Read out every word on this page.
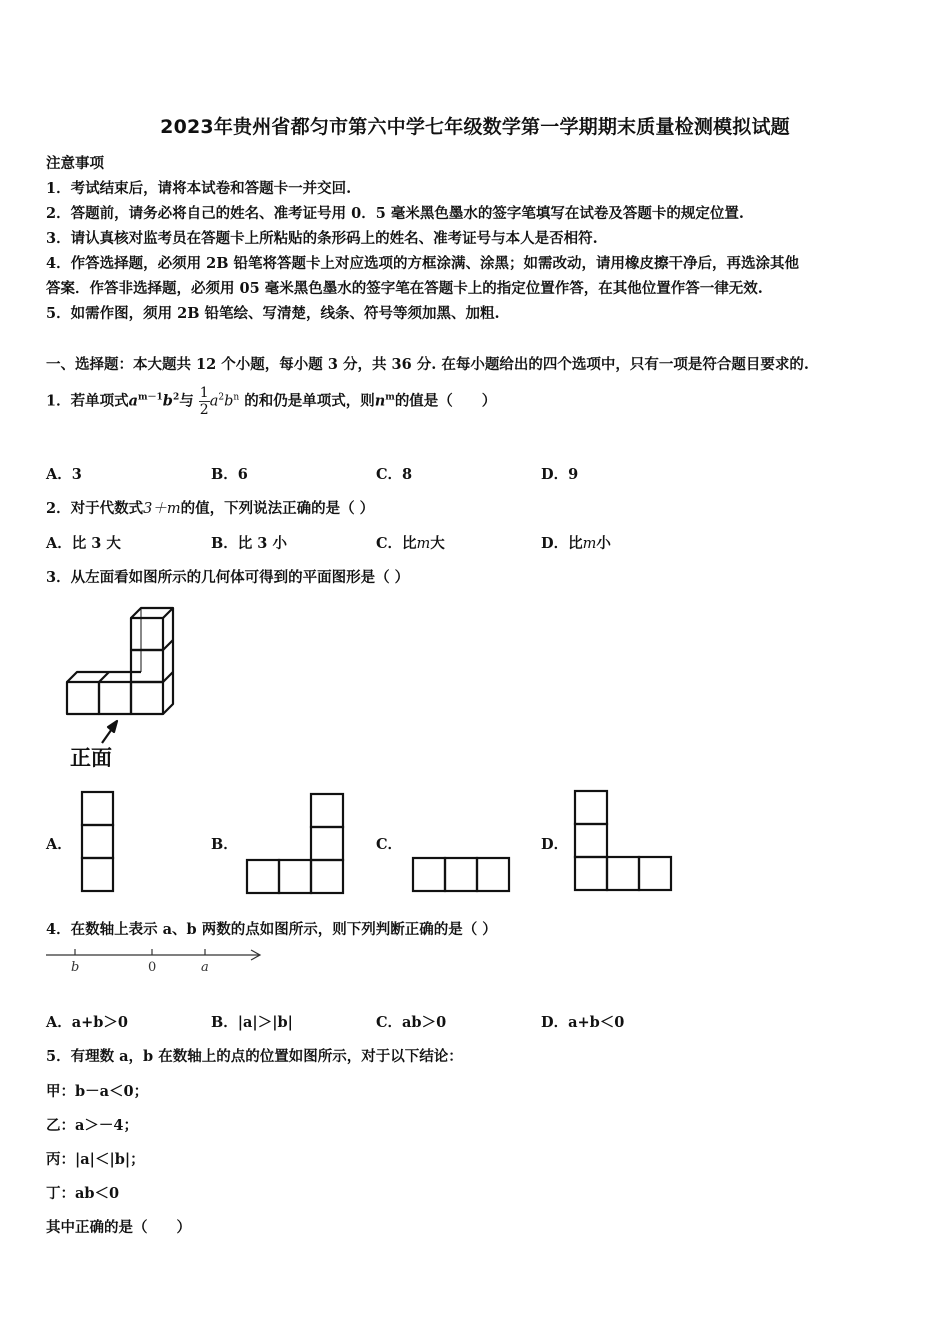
2023年贵州省都匀市第六中学七年级数学第一学期期末质量检测模拟试题
注意事项
1．考试结束后，请将本试卷和答题卡一并交回.
2．答题前，请务必将自己的姓名、准考证号用 0．5 毫米黑色墨水的签字笔填写在试卷及答题卡的规定位置.
3．请认真核对监考员在答题卡上所粘贴的条形码上的姓名、准考证号与本人是否相符.
4．作答选择题，必须用 2B 铅笔将答题卡上对应选项的方框涂满、涂黑；如需改动，请用橡皮擦干净后，再选涂其他
答案．作答非选择题，必须用 05 毫米黑色墨水的签字笔在答题卡上的指定位置作答，在其他位置作答一律无效.
5．如需作图，须用 2B 铅笔绘、写清楚，线条、符号等须加黑、加粗.
一、选择题：本大题共 12 个小题，每小题 3 分，共 36 分. 在每小题给出的四个选项中，只有一项是符合题目要求的.
1．若单项式$a^{m-1}b^2$与 $\frac{1}{2} a^2b^n$ 的和仍是单项式，则$n^m$的值是（　　）
A．3	B．6	C．8	D．9
2．对于代数式3＋m的值，下列说法正确的是（ ）
A．比 3 大	B．比 3 小	C．比m大	D．比m小
3．从左面看如图所示的几何体可得到的平面图形是（ ）
正面
A．	B．	C．	D．
4．在数轴上表示 a、b 两数的点如图所示，则下列判断正确的是（ ）
b	0	a
A．a+b＞0	B．|a|＞|b|	C．ab＞0	D．a+b＜0
5．有理数 a，b 在数轴上的点的位置如图所示，对于以下结论：
甲：b－a＜0；
乙：a＞－4；
丙：|a|＜|b|；
丁：ab＜0
其中正确的是（　　）
